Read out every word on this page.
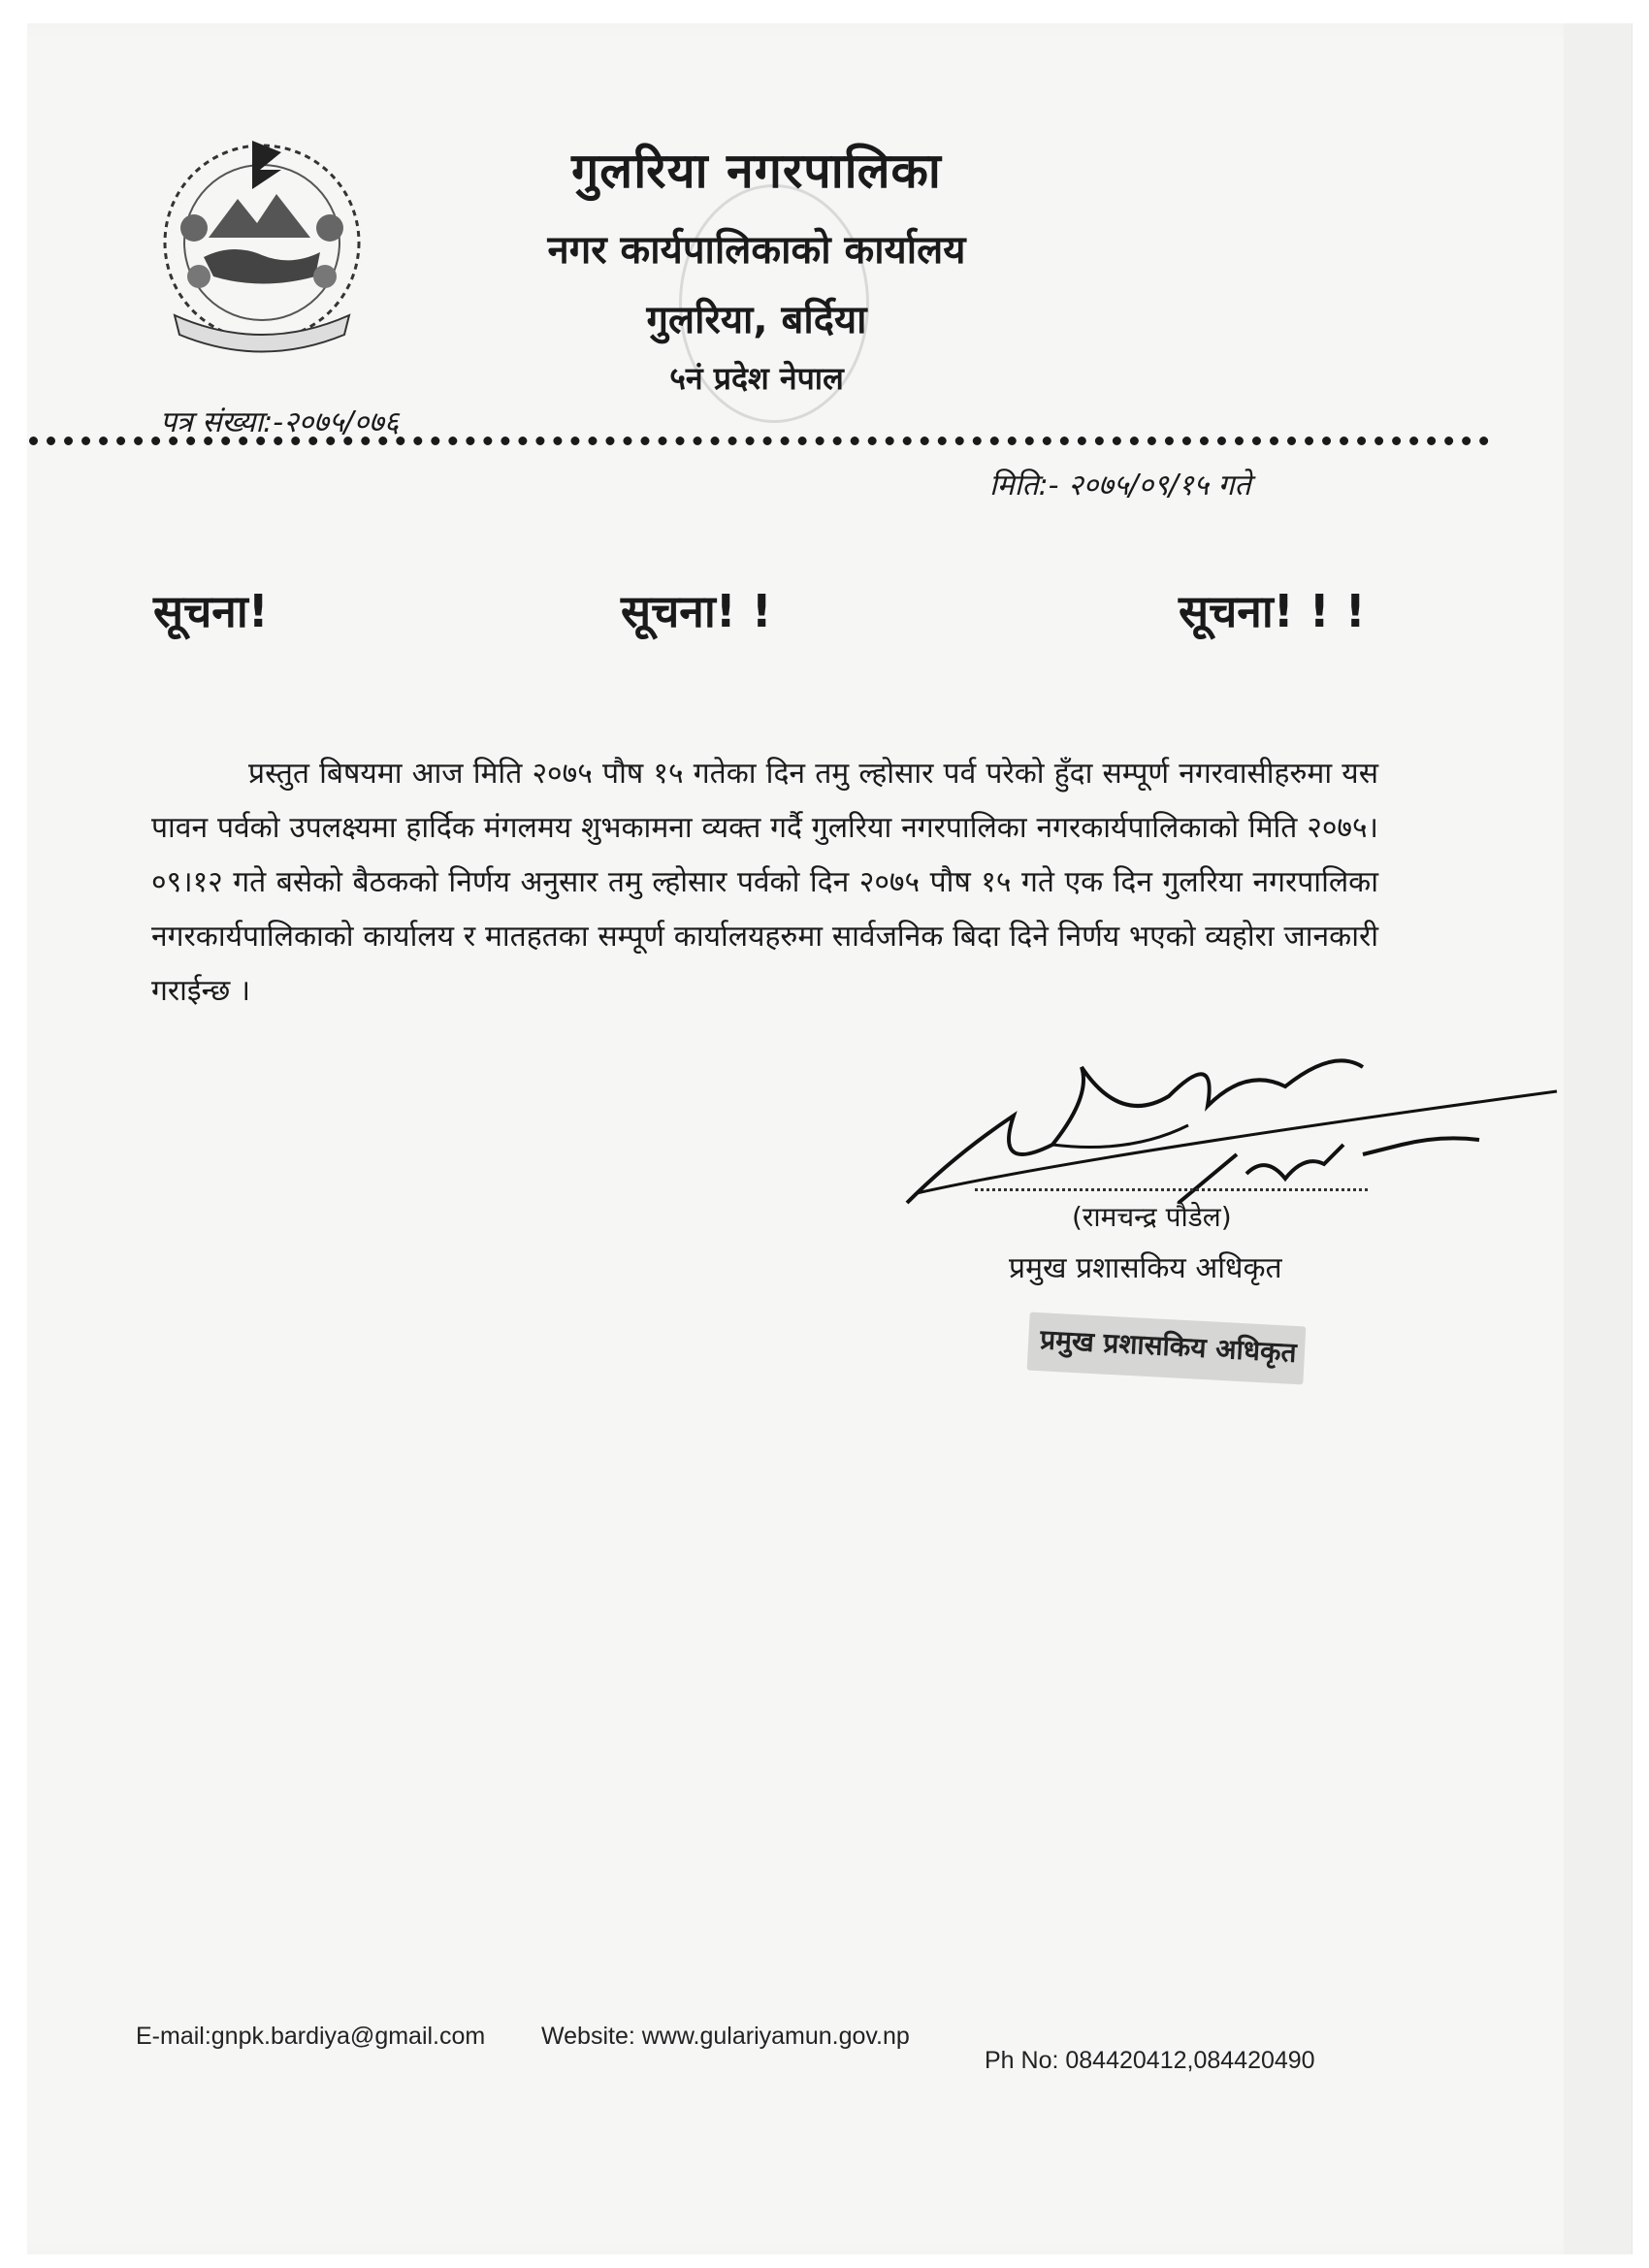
गुलरिया नगरपालिका
नगर कार्यपालिकाको कार्यालय
गुलरिया, बर्दिया
५नं प्रदेश नेपाल
पत्र संख्या:-२०७५/०७६
मिति:- २०७५/०९/१५ गते
सूचना!	सूचना! !	सूचना! ! !
प्रस्तुत बिषयमा आज मिति २०७५ पौष १५ गतेका दिन तमु ल्होसार पर्व परेको हुँदा सम्पूर्ण नगरवासीहरुमा यस पावन पर्वको उपलक्ष्यमा हार्दिक मंगलमय शुभकामना व्यक्त गर्दै गुलरिया नगरपालिका नगरकार्यपालिकाको मिति २०७५।०९।१२ गते बसेको बैठकको निर्णय अनुसार तमु ल्होसार पर्वको दिन २०७५ पौष १५ गते एक दिन गुलरिया नगरपालिका नगरकार्यपालिकाको कार्यालय र मातहतका सम्पूर्ण कार्यालयहरुमा सार्वजनिक बिदा दिने निर्णय भएको व्यहोरा जानकारी गराईन्छ ।
(रामचन्द्र पौडेल)
प्रमुख प्रशासकिय अधिकृत
प्रमुख प्रशासकिय अधिकृत
E-mail:gnpk.bardiya@gmail.com Website: www.gulariyamun.gov.np
Ph No: 084420412,084420490
